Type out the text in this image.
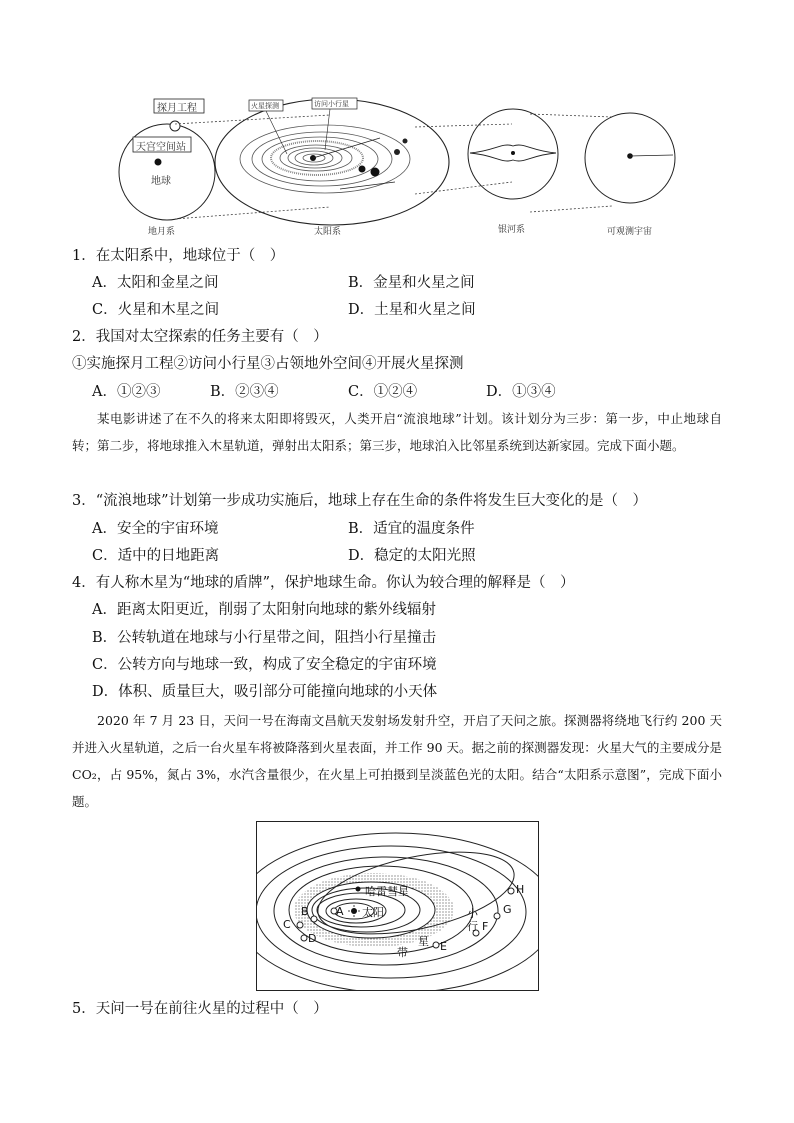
探月工程
天宫空间站
地球
火星探测	访问小行星
地月系	太阳系	银河系	可观测宇宙
1．在太阳系中，地球位于（　）
A．太阳和金星之间	B．金星和火星之间
C．火星和木星之间	D．土星和火星之间
2．我国对太空探索的任务主要有（　）
①实施探月工程②访问小行星③占领地外空间④开展火星探测
A．①②③	B．②③④	C．①②④	D．①③④
某电影讲述了在不久的将来太阳即将毁灭，人类开启“流浪地球”计划。该计划分为三步：第一步，中止地球自转；第二步，将地球推入木星轨道，弹射出太阳系；第三步，地球泊入比邻星系统到达新家园。完成下面小题。
3．“流浪地球”计划第一步成功实施后，地球上存在生命的条件将发生巨大变化的是（　）
A．安全的宇宙环境	B．适宜的温度条件
C．适中的日地距离	D．稳定的太阳光照
4．有人称木星为“地球的盾牌”，保护地球生命。你认为较合理的解释是（　）
A．距离太阳更近，削弱了太阳射向地球的紫外线辐射
B．公转轨道在地球与小行星带之间，阻挡小行星撞击
C．公转方向与地球一致，构成了安全稳定的宇宙环境
D．体积、质量巨大，吸引部分可能撞向地球的小天体
2020 年 7 月 23 日，天问一号在海南文昌航天发射场发射升空，开启了天问之旅。探测器将绕地飞行约 200 天并进入火星轨道，之后一台火星车将被降落到火星表面，并工作 90 天。据之前的探测器发现：火星大气的主要成分是 CO₂，占 95%，氮占 3%，水汽含量很少，在火星上可拍摄到呈淡蓝色光的太阳。结合“太阳系示意图”，完成下面小题。
哈雷彗星
太阳	小
行
星
带
A
B
C
D
E
F
G
H
5．天问一号在前往火星的过程中（　）
